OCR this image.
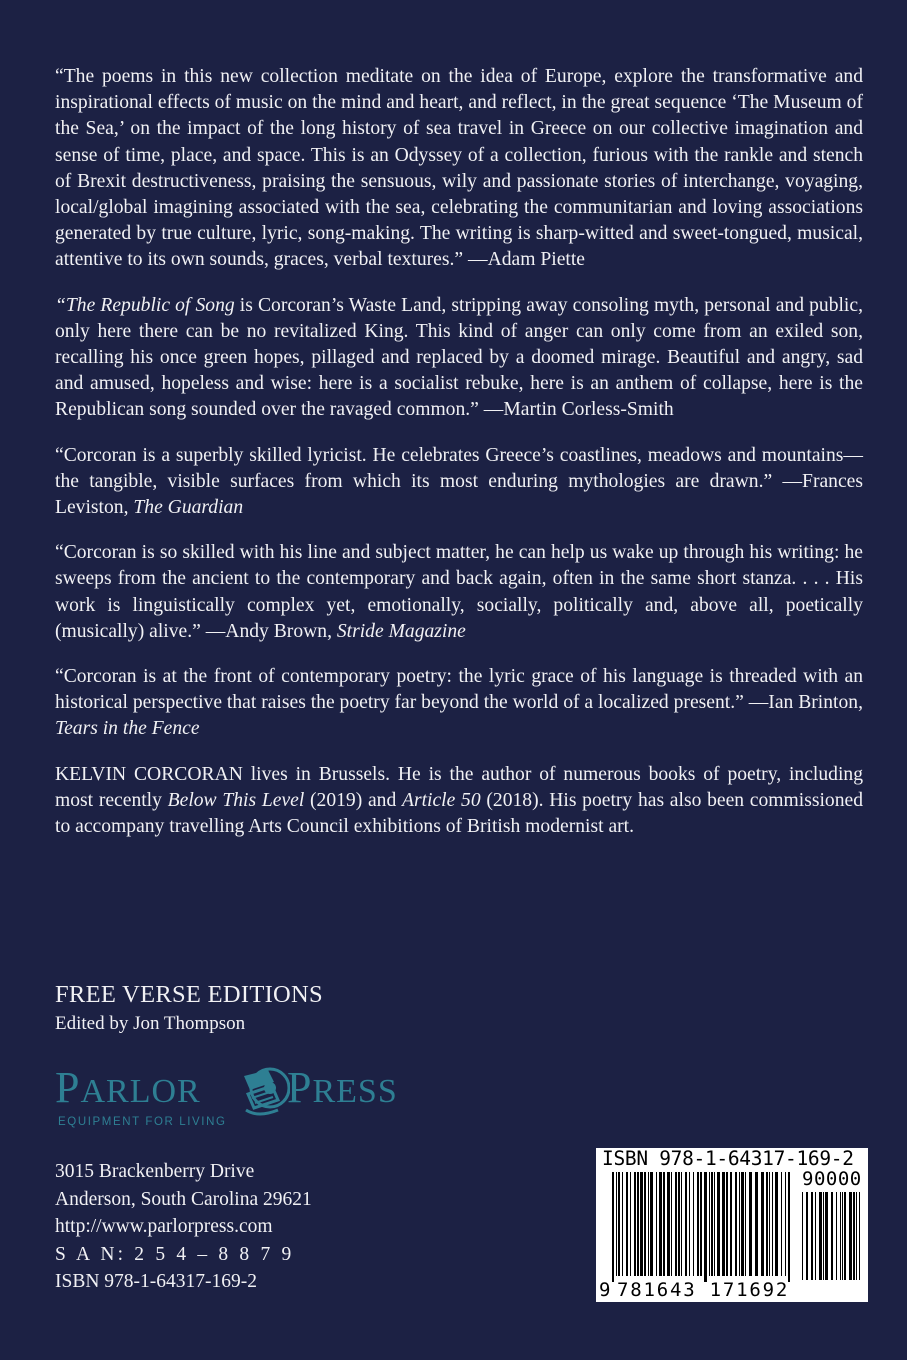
“The poems in this new collection meditate on the idea of Europe, explore the transformative and inspirational effects of music on the mind and heart, and reflect, in the great sequence ‘The Museum of the Sea,’ on the impact of the long history of sea travel in Greece on our collective imagination and sense of time, place, and space. This is an Odyssey of a collection, furious with the rankle and stench of Brexit destructiveness, praising the sensuous, wily and passionate stories of interchange, voyaging, local/global imagining associated with the sea, celebrating the communitarian and loving associations generated by true culture, lyric, song-making. The writing is sharp-witted and sweet-tongued, musical, attentive to its own sounds, graces, verbal textures.” —Adam Piette

“The Republic of Song is Corcoran’s Waste Land, stripping away consoling myth, personal and public, only here there can be no revitalized King. This kind of anger can only come from an exiled son, recalling his once green hopes, pillaged and replaced by a doomed mirage. Beautiful and angry, sad and amused, hopeless and wise: here is a socialist rebuke, here is an anthem of collapse, here is the Republican song sounded over the ravaged common.” —Martin Corless-Smith

“Corcoran is a superbly skilled lyricist. He celebrates Greece’s coastlines, meadows and mountains—the tangible, visible surfaces from which its most enduring mythologies are drawn.” —Frances Leviston, The Guardian

“Corcoran is so skilled with his line and subject matter, he can help us wake up through his writing: he sweeps from the ancient to the contemporary and back again, often in the same short stanza. . . . His work is linguistically complex yet, emotionally, socially, politically and, above all, poetically (musically) alive.” —Andy Brown, Stride Magazine

“Corcoran is at the front of contemporary poetry: the lyric grace of his language is threaded with an historical perspective that raises the poetry far beyond the world of a localized present.” —Ian Brinton, Tears in the Fence

KELVIN CORCORAN lives in Brussels. He is the author of numerous books of poetry, including most recently Below This Level (2019) and Article 50 (2018). His poetry has also been commissioned to accompany travelling Arts Council exhibitions of British modernist art.

FREE VERSE EDITIONS
Edited by Jon Thompson
PARLOR PRESS
EQUIPMENT FOR LIVING
3015 Brackenberry Drive
Anderson, South Carolina 29621
http://www.parlorpress.com
S A N: 2 5 4 – 8 8 7 9
ISBN 978-1-64317-169-2
ISBN 978-1-64317-169-2
90000
9 781643 171692
